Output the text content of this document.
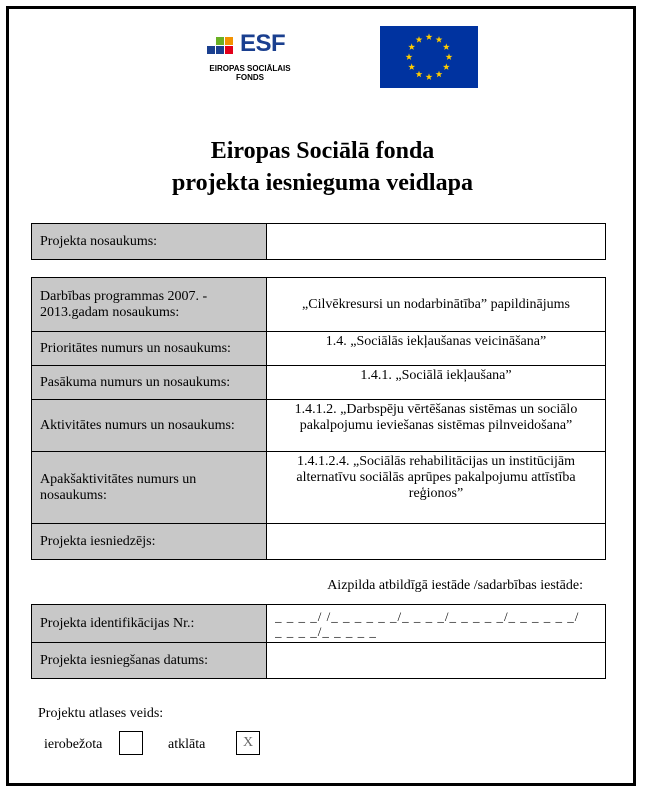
ESF
EIROPAS SOCIĀLAIS
FONDS
Eiropas Sociālā fonda
projekta iesnieguma veidlapa
Projekta nosaukums:	
Darbības programmas 2007. - 2013.gadam nosaukums:	„Cilvēkresursi un nodarbinātība” papildinājums
Prioritātes numurs un nosaukums:	1.4. „Sociālās iekļaušanas veicināšana”
Pasākuma numurs un nosaukums:	1.4.1. „Sociālā iekļaušana”
Aktivitātes numurs un nosaukums:	1.4.1.2. „Darbspēju vērtēšanas sistēmas un sociālo pakalpojumu ieviešanas sistēmas pilnveidošana”
Apakšaktivitātes numurs un nosaukums:	1.4.1.2.4. „Sociālās rehabilitācijas un institūcijām alternatīvu sociālās aprūpes pakalpojumu attīstība reģionos”
Projekta iesniedzējs:	
Aizpilda atbildīgā iestāde /sadarbības iestāde:
Projekta identifikācijas Nr.:	_ _ _ _/ /_ _ _ _ _ _/_ _ _ _/_ _ _ _ _/_ _ _ _ _ _/
_ _ _ _/_ _ _ _ _

Projekta iesniegšanas datums:	
Projektu atlases veids:
ierobežota	atklāta	X
